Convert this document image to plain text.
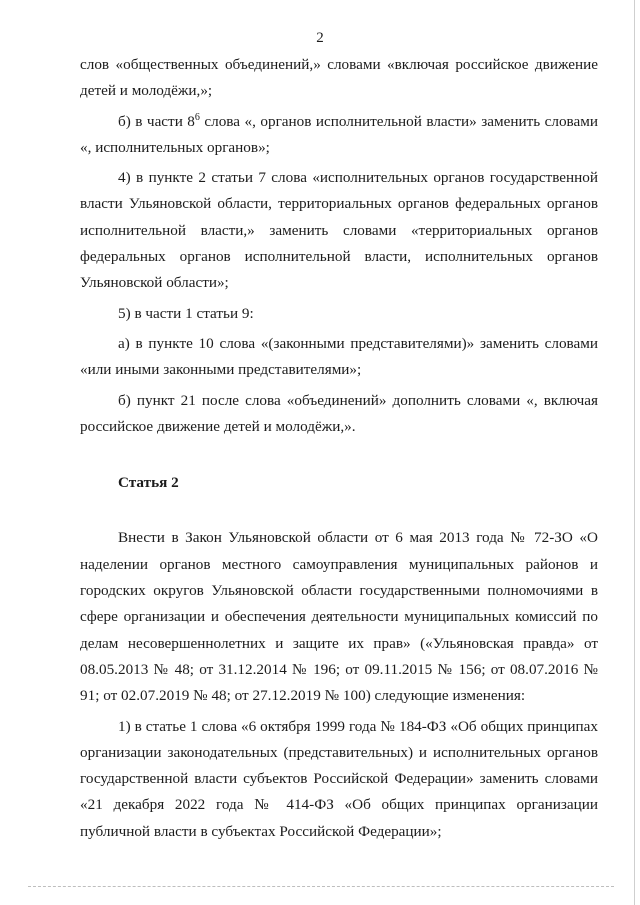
2

слов «общественных объединений,» словами «включая российское движение детей и молодёжи,»;

б) в части $8^6$ слова «, органов исполнительной власти» заменить словами «, исполнительных органов»;

4) в пункте 2 статьи 7 слова «исполнительных органов государственной власти Ульяновской области, территориальных органов федеральных органов исполнительной власти,» заменить словами «территориальных органов федеральных органов исполнительной власти, исполнительных органов Ульяновской области»;

5) в части 1 статьи 9:

а) в пункте 10 слова «(законными представителями)» заменить словами «или иными законными представителями»;

б) пункт 21 после слова «объединений» дополнить словами «, включая российское движение детей и молодёжи,».

Статья 2

Внести в Закон Ульяновской области от 6 мая 2013 года № 72-ЗО «О наделении органов местного самоуправления муниципальных районов и городских округов Ульяновской области государственными полномочиями в сфере организации и обеспечения деятельности муниципальных комиссий по делам несовершеннолетних и защите их прав» («Ульяновская правда» от 08.05.2013 № 48; от 31.12.2014 № 196; от 09.11.2015 № 156; от 08.07.2016 № 91; от 02.07.2019 № 48; от 27.12.2019 № 100) следующие изменения:

1) в статье 1 слова «6 октября 1999 года № 184-ФЗ «Об общих принципах организации законодательных (представительных) и исполнительных органов государственной власти субъектов Российской Федерации» заменить словами «21 декабря 2022 года № 414-ФЗ «Об общих принципах организации публичной власти в субъектах Российской Федерации»;
